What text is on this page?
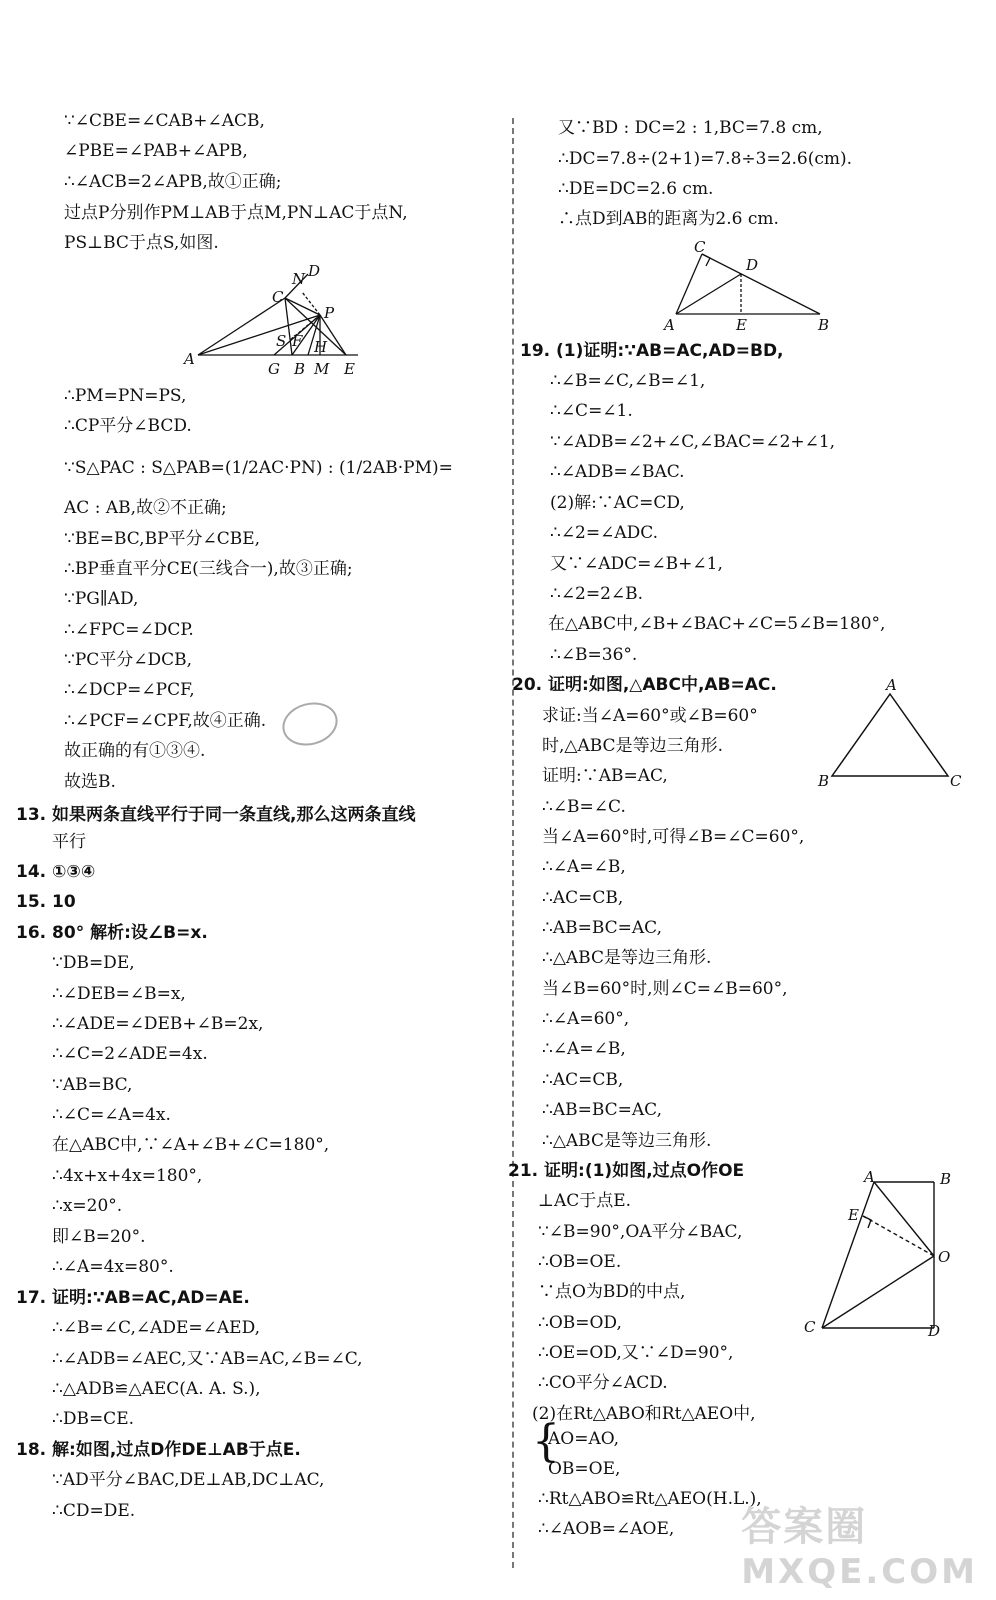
∵∠CBE=∠CAB+∠ACB,
∠PBE=∠PAB+∠APB,
∴∠ACB=2∠APB,故①正确;
过点P分别作PM⊥AB于点M,PN⊥AC于点N,
PS⊥BC于点S,如图.
A
C
N D
P
S F H
G B M E
∴PM=PN=PS,
∴CP平分∠BCD.
∵S△PAC : S△PAB=(1/2AC·PN) : (1/2AB·PM)=
AC : AB,故②不正确;
∵BE=BC,BP平分∠CBE,
∴BP垂直平分CE(三线合一),故③正确;
∵PG∥AD,
∴∠FPC=∠DCP.
∵PC平分∠DCB,
∴∠DCP=∠PCF,
∴∠PCF=∠CPF,故④正确.
故正确的有①③④.
故选B.
13. 如果两条直线平行于同一条直线,那么这两条直线
平行
14. ①③④
15. 10
16. 80° 解析:设∠B=x.
∵DB=DE,
∴∠DEB=∠B=x,
∴∠ADE=∠DEB+∠B=2x,
∴∠C=2∠ADE=4x.
∵AB=BC,
∴∠C=∠A=4x.
在△ABC中,∵∠A+∠B+∠C=180°,
∴4x+x+4x=180°,
∴x=20°.
即∠B=20°.
∴∠A=4x=80°.
17. 证明:∵AB=AC,AD=AE.
∴∠B=∠C,∠ADE=∠AED,
∴∠ADB=∠AEC,又∵AB=AC,∠B=∠C,
∴△ADB≌△AEC(A. A. S.),
∴DB=CE.
18. 解:如图,过点D作DE⊥AB于点E.
∵AD平分∠BAC,DE⊥AB,DC⊥AC,
∴CD=DE.
又∵BD : DC=2 : 1,BC=7.8 cm,
∴DC=7.8÷(2+1)=7.8÷3=2.6(cm).
∴DE=DC=2.6 cm.
∴点D到AB的距离为2.6 cm.
C
D
A	E	B
19. (1)证明:∵AB=AC,AD=BD,
∴∠B=∠C,∠B=∠1,
∴∠C=∠1.
∵∠ADB=∠2+∠C,∠BAC=∠2+∠1,
∴∠ADB=∠BAC.
(2)解:∵AC=CD,
∴∠2=∠ADC.
又∵∠ADC=∠B+∠1,
∴∠2=2∠B.
在△ABC中,∠B+∠BAC+∠C=5∠B=180°,
∴∠B=36°.
20. 证明:如图,△ABC中,AB=AC.
求证:当∠A=60°或∠B=60°
时,△ABC是等边三角形.
A
B	C
证明:∵AB=AC,
∴∠B=∠C.
当∠A=60°时,可得∠B=∠C=60°,
∴∠A=∠B,
∴AC=CB,
∴AB=BC=AC,
∴△ABC是等边三角形.
当∠B=60°时,则∠C=∠B=60°,
∴∠A=60°,
∴∠A=∠B,
∴AC=CB,
∴AB=BC=AC,
∴△ABC是等边三角形.
21. 证明:(1)如图,过点O作OE
⊥AC于点E.
∵∠B=90°,OA平分∠BAC,
A	B
E
O
C	D
∴OB=OE.
∵点O为BD的中点,
∴OB=OD,
∴OE=OD,又∵∠D=90°,
∴CO平分∠ACD.
(2)在Rt△ABO和Rt△AEO中,
{
AO=AO,
OB=OE,
∴Rt△ABO≌Rt△AEO(H.L.),
∴∠AOB=∠AOE, 答案圈
MXQE.COM
